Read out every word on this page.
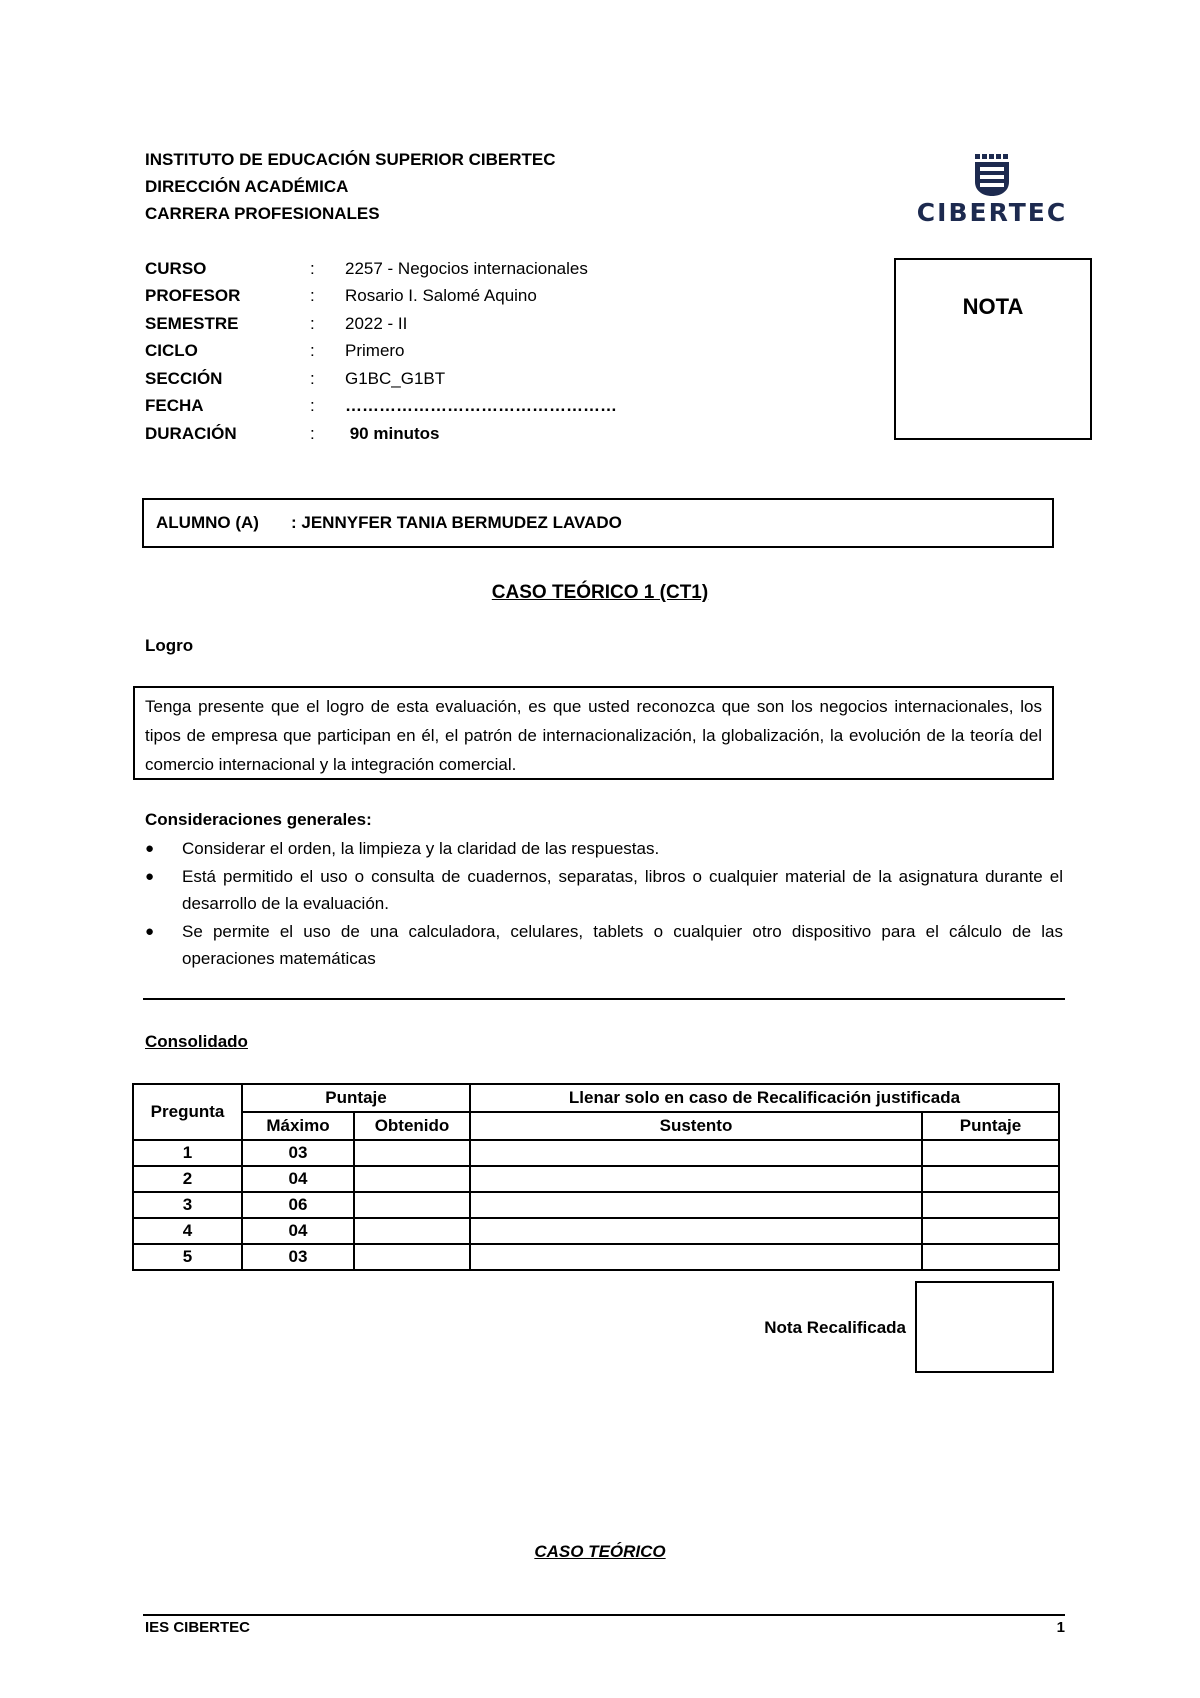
INSTITUTO DE EDUCACIÓN SUPERIOR CIBERTEC
DIRECCIÓN ACADÉMICA
CARRERA PROFESIONALES	CIBERTEC
CURSO	:	2257 - Negocios internacionales
PROFESOR	:	Rosario I. Salomé Aquino
SEMESTRE	:	2022 - II
CICLO	:	Primero
SECCIÓN	:	G1BC_G1BT
FECHA	:	…………………………………………
DURACIÓN	:	90 minutos
NOTA
ALUMNO (A)	: JENNYFER TANIA BERMUDEZ LAVADO
CASO TEÓRICO 1 (CT1)
Logro
Tenga presente que el logro de esta evaluación, es que usted reconozca que son los negocios internacionales, los tipos de empresa que participan en él, el patrón de internacionalización, la globalización, la evolución de la teoría del comercio internacional y la integración comercial.
Consideraciones generales:
●	Considerar el orden, la limpieza y la claridad de las respuestas.
●	Está permitido el uso o consulta de cuadernos, separatas, libros o cualquier material de la asignatura durante el desarrollo de la evaluación.
●	Se permite el uso de una calculadora, celulares, tablets o cualquier otro dispositivo para el cálculo de las operaciones matemáticas
Consolidado
Pregunta	Puntaje		Llenar solo en caso de Recalificación justificada	
	Máximo	Obtenido	Sustento	Puntaje
1	03			
2	04			
3	06			
4	04			
5	03			
Nota Recalificada
CASO TEÓRICO
IES CIBERTEC	1
